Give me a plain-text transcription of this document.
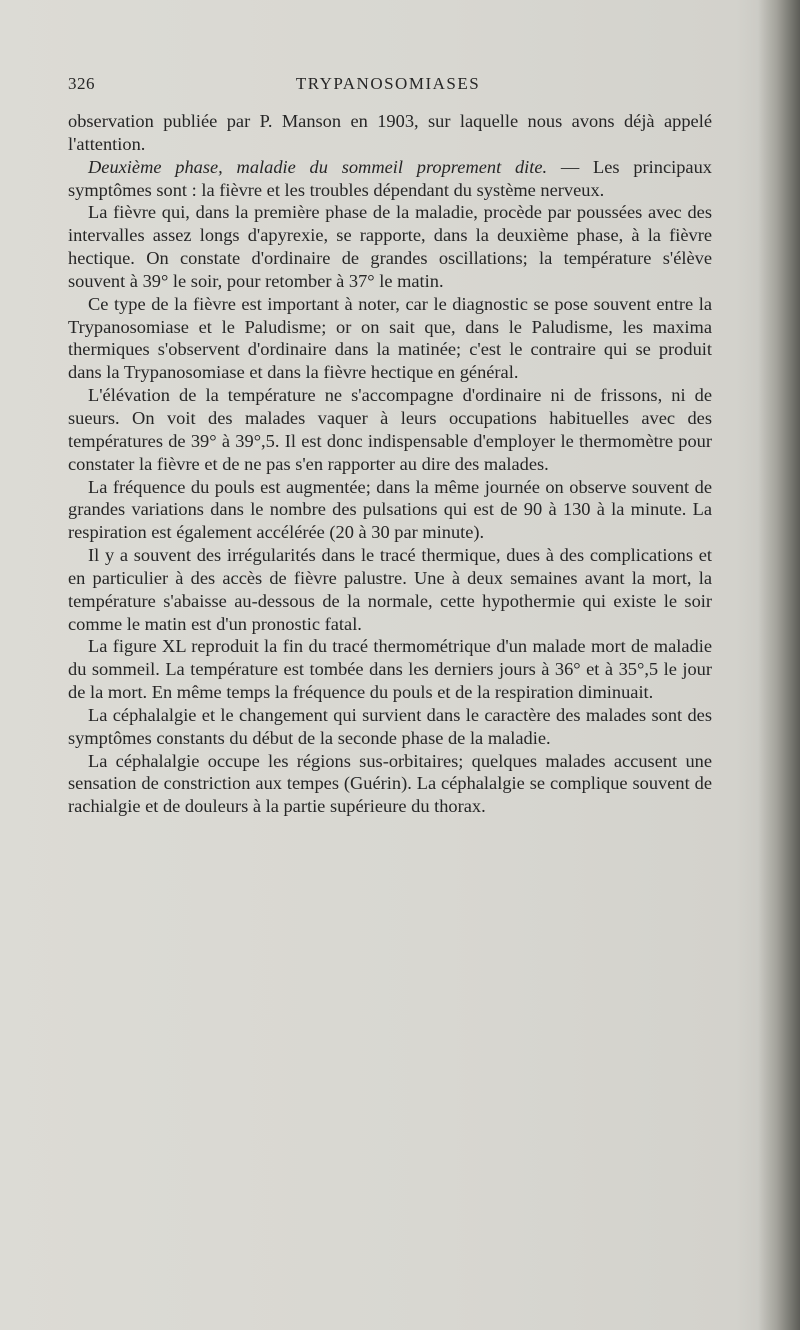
326	TRYPANOSOMIASES

observation publiée par P. Manson en 1903, sur laquelle nous avons déjà appelé l'attention.

Deuxième phase, maladie du sommeil proprement dite. — Les principaux symptômes sont : la fièvre et les troubles dépendant du système nerveux.

La fièvre qui, dans la première phase de la maladie, procède par poussées avec des intervalles assez longs d'apyrexie, se rapporte, dans la deuxième phase, à la fièvre hectique. On constate d'ordinaire de grandes oscillations; la température s'élève souvent à 39° le soir, pour retomber à 37° le matin.

Ce type de la fièvre est important à noter, car le diagnostic se pose souvent entre la Trypanosomiase et le Paludisme; or on sait que, dans le Paludisme, les maxima thermiques s'observent d'ordinaire dans la matinée; c'est le contraire qui se produit dans la Trypanosomiase et dans la fièvre hectique en général.

L'élévation de la température ne s'accompagne d'ordinaire ni de frissons, ni de sueurs. On voit des malades vaquer à leurs occupations habituelles avec des températures de 39° à 39°,5. Il est donc indispensable d'employer le thermomètre pour constater la fièvre et de ne pas s'en rapporter au dire des malades.

La fréquence du pouls est augmentée; dans la même journée on observe souvent de grandes variations dans le nombre des pulsations qui est de 90 à 130 à la minute. La respiration est également accélérée (20 à 30 par minute).

Il y a souvent des irrégularités dans le tracé thermique, dues à des complications et en particulier à des accès de fièvre palustre. Une à deux semaines avant la mort, la température s'abaisse au-dessous de la normale, cette hypothermie qui existe le soir comme le matin est d'un pronostic fatal.

La figure XL reproduit la fin du tracé thermométrique d'un malade mort de maladie du sommeil. La température est tombée dans les derniers jours à 36° et à 35°,5 le jour de la mort. En même temps la fréquence du pouls et de la respiration diminuait.

La céphalalgie et le changement qui survient dans le caractère des malades sont des symptômes constants du début de la seconde phase de la maladie.

La céphalalgie occupe les régions sus-orbitaires; quelques malades accusent une sensation de constriction aux tempes (Guérin). La céphalalgie se complique souvent de rachialgie et de douleurs à la partie supérieure du thorax.
